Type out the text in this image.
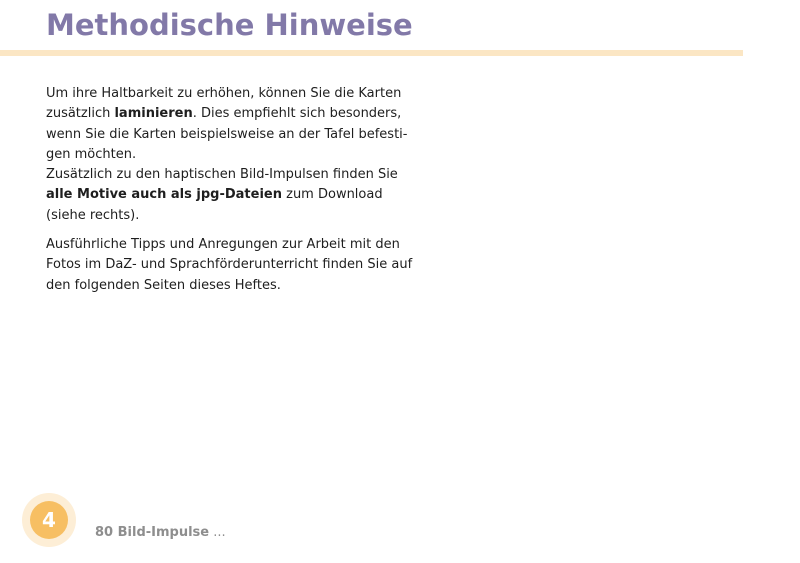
Methodische Hinweise
Um ihre Haltbarkeit zu erhöhen, können Sie die Karten
zusätzlich laminieren. Dies empfiehlt sich besonders,
wenn Sie die Karten beispielsweise an der Tafel befesti-
gen möchten.
Zusätzlich zu den haptischen Bild-Impulsen finden Sie
alle Motive auch als jpg-Dateien zum Download
(siehe rechts).
Ausführliche Tipps und Anregungen zur Arbeit mit den
Fotos im DaZ- und Sprachförderunterricht finden Sie auf
den folgenden Seiten dieses Heftes.
4
80 Bild-Impulse ...
